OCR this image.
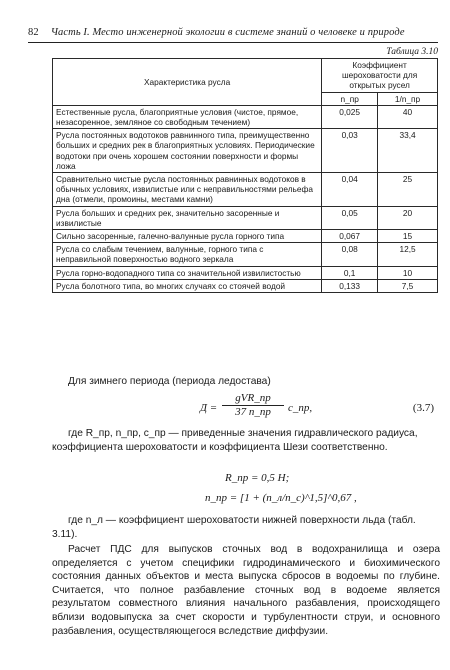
82 Часть I. Место инженерной экологии в системе знаний о человеке и природе
Таблица 3.10
Характеристика русла	Коэффициент шероховатости для открытых русел	
	n_пр	1/n_пр
Естественные русла, благоприятные условия (чистое, прямое, незасоренное, земляное со свободным течением)	0,025	40
Русла постоянных водотоков равнинного типа, преимущественно больших и средних рек в благоприятных условиях. Периодические водотоки при очень хорошем состоянии поверхности и формы ложа	0,03	33,4
Сравнительно чистые русла постоянных равнинных водотоков в обычных условиях, извилистые или с неправильностями рельефа дна (отмели, промоины, местами камни)	0,04	25
Русла больших и средних рек, значительно засоренные и извилистые	0,05	20
Сильно засоренные, галечно-валунные русла горного типа	0,067	15
Русла со слабым течением, валунные, горного типа с неправильной поверхностью водного зеркала	0,08	12,5
Русла горно-водопадного типа со значительной извилистостью	0,1	10
Русла болотного типа, во многих случаях со стоячей водой	0,133	7,5
Для зимнего периода (периода ледостава)
Д =
gVR_пр
37 n_пр	c_пр,	(3.7)
где R_пр, n_пр, c_пр — приведенные значения гидравлического радиуса, коэффициента шероховатости и коэффициента Шези соответственно.
R_пр = 0,5 H;
n_пр = [1 + (n_л/n_с)^1,5]^0,67 ,
где n_л — коэффициент шероховатости нижней поверхности льда (табл. 3.11).
Расчет ПДС для выпусков сточных вод в водохранилища и озера определяется с учетом специфики гидродинамического и биохимического состояния данных объектов и места выпуска сбросов в водоемы по глубине. Считается, что полное разбавление сточных вод в водоеме является результатом совместного влияния начального разбавления, происходящего вблизи водовыпуска за счет скорости и турбулентности струи, и основного разбавления, осуществляющегося вследствие диффузии.
